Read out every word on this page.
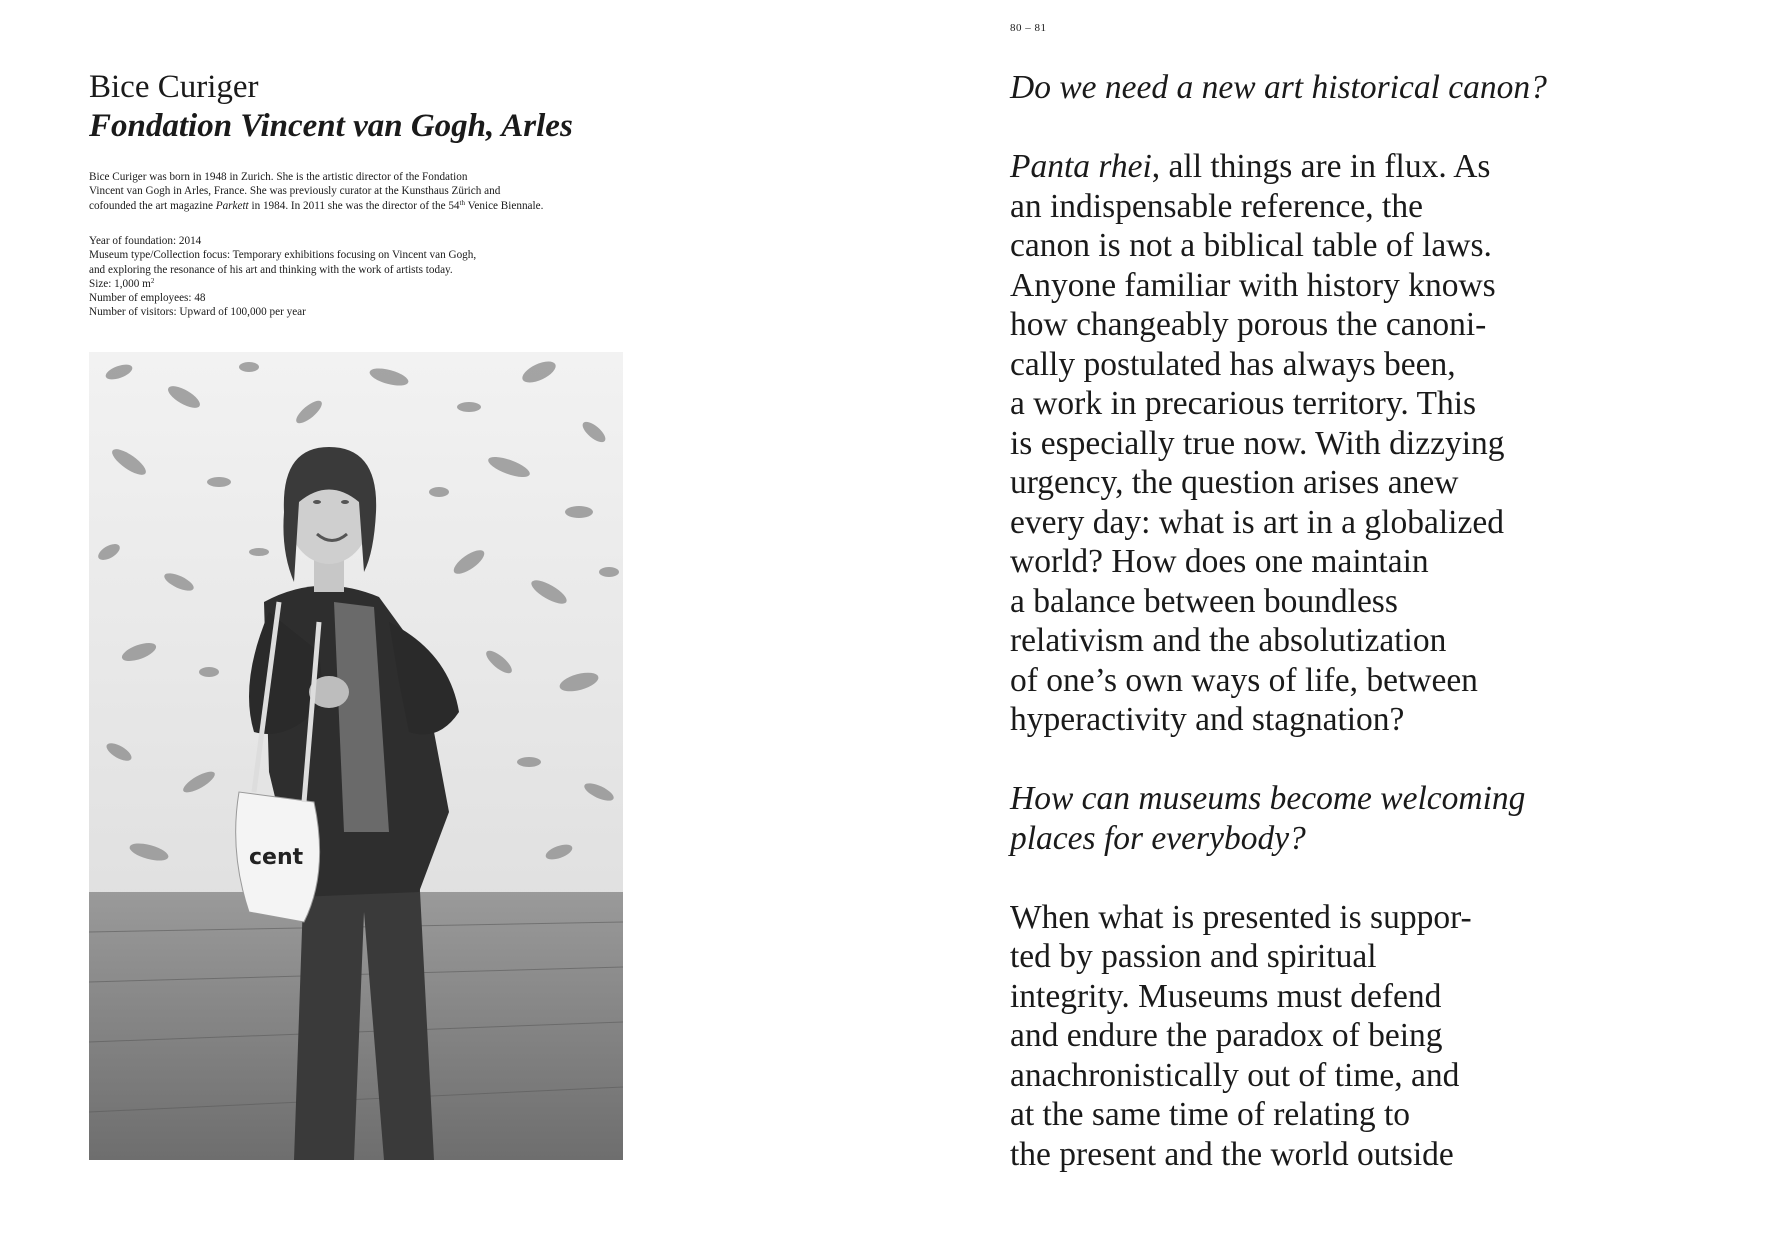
80 – 81
Bice Curiger
Fondation Vincent van Gogh, Arles
Bice Curiger was born in 1948 in Zurich. She is the artistic director of the Fondation
Vincent van Gogh in Arles, France. She was previously curator at the Kunsthaus Zürich and
cofounded the art magazine Parkett in 1984. In 2011 she was the director of the 54th Venice Biennale.
Year of foundation: 2014
Museum type/Collection focus: Temporary exhibitions focusing on Vincent van Gogh,
and exploring the resonance of his art and thinking with the work of artists today.
Size: 1,000 $m^2$
Number of employees: 48
Number of visitors: Upward of 100,000 per year
cent

Do we need a new art historical canon?

Panta rhei, all things are in flux. As
an indispensable reference, the
canon is not a biblical table of laws.
Anyone familiar with history knows
how changeably porous the canoni-
cally postulated has always been,
a work in precarious territory. This
is especially true now. With dizzying
urgency, the question arises anew
every day: what is art in a globalized
world? How does one maintain
a balance between boundless
relativism and the absolutization
of one’s own ways of life, between
hyperactivity and stagnation?

How can museums become welcoming
places for everybody?

When what is presented is suppor-
ted by passion and spiritual
integrity. Museums must defend
and endure the paradox of being
anachronistically out of time, and
at the same time of relating to
the present and the world outside
